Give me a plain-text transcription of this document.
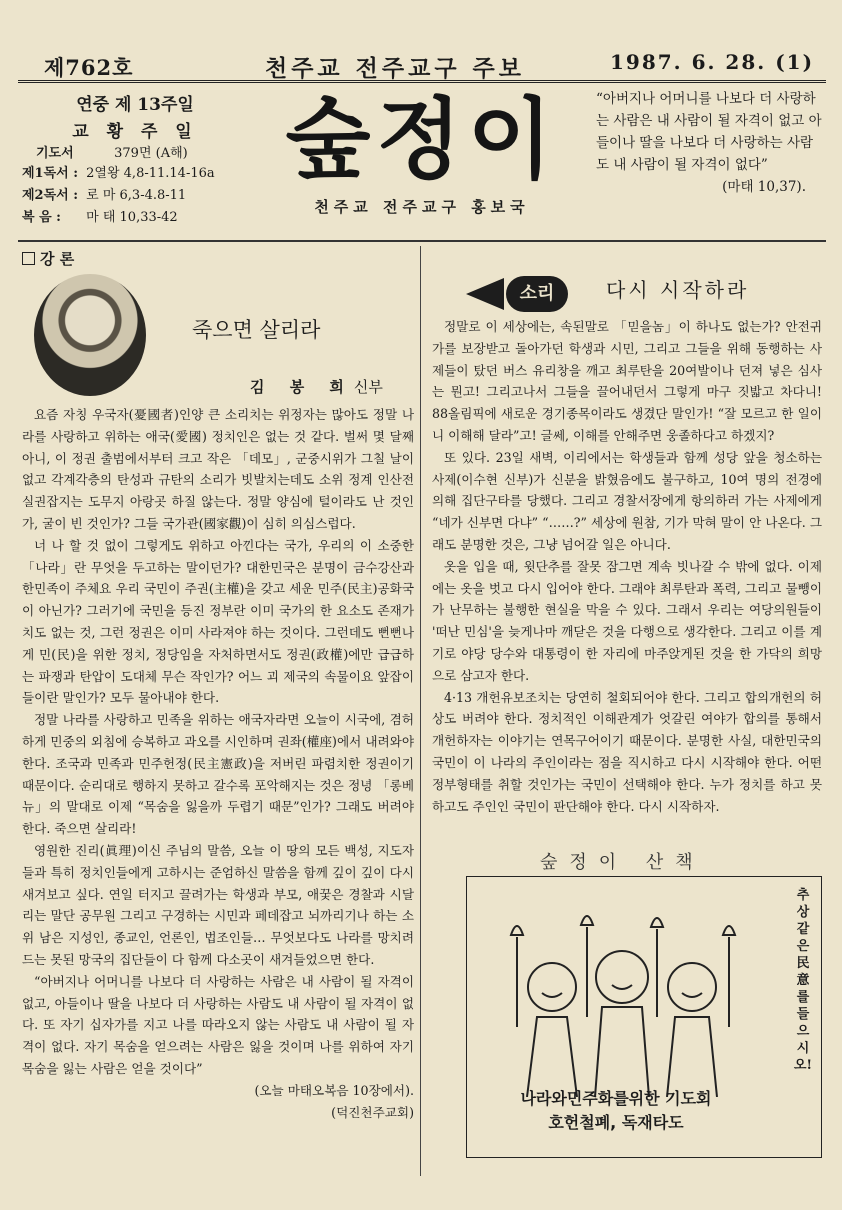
제762호	천주교 전주교구 주보	1987. 6. 28. (1)
연중 제 13주일
교 황 주 일
기도서	379면 (A해)
제1독서 : 2열왕 4,8-11.14-16a
제2독서 : 로 마 6,3-4.8-11
복 음 : 마 태 10,33-42
숲정이
천주교 전주교구 홍보국
“아버지나 어머니를 나보다 더 사랑하는 사람은 내 사람이 될 자격이 없고 아들이나 딸을 나보다 더 사랑하는 사람도 내 사람이 될 자격이 없다”
(마태 10,37).
강 론
죽으면 살리라
김 봉 희신부

요즘 자칭 우국자(憂國者)인양 큰 소리치는 위정자는 많아도 정말 나라를 사랑하고 위하는 애국(愛國) 정치인은 없는 것 같다. 벌써 몇 달째 아니, 이 정권 출범에서부터 크고 작은 「데모」, 군중시위가 그칠 날이 없고 각계각층의 탄성과 규탄의 소리가 빗발치는데도 소위 정계 인산전 실권잡지는 도무지 아랑곳 하질 않는다. 정말 양심에 털이라도 난 것인가, 굴이 빈 것인가? 그들 국가관(國家觀)이 심히 의심스럽다.

너 나 할 것 없이 그렇게도 위하고 아낀다는 국가, 우리의 이 소중한 「나라」란 무엇을 두고하는 말이던가? 대한민국은 분명이 금수강산과 한민족이 주체요 우리 국민이 주권(主權)을 갖고 세운 민주(民主)공화국이 아닌가? 그러기에 국민을 등진 정부란 이미 국가의 한 요소도 존재가치도 없는 것, 그런 정권은 이미 사라져야 하는 것이다. 그런데도 뻔뻔나게 민(民)을 위한 정치, 정당임을 자처하면서도 정권(政權)에만 급급하는 파쟁과 탄압이 도대체 무슨 작인가? 어느 괴 제국의 속물이요 앞잡이들이란 말인가? 모두 물아내야 한다.

정말 나라를 사랑하고 민족을 위하는 애국자라면 오늘이 시국에, 겸허하게 민중의 외침에 승복하고 과오를 시인하며 권좌(權座)에서 내려와야 한다. 조국과 민족과 민주헌정(民主憲政)을 저버린 파렴치한 정권이기 때문이다. 순리대로 행하지 못하고 갈수록 포악해지는 것은 정녕 「롱베뉴」의 말대로 이제 “목숨을 잃을까 두렵기 때문”인가? 그래도 버려야 한다. 죽으면 살리라!

영원한 진리(眞理)이신 주님의 말씀, 오늘 이 땅의 모든 백성, 지도자들과 특히 정치인들에게 고하시는 준엄하신 말씀을 함께 깊이 깊이 다시 새겨보고 싶다. 연일 터지고 끌려가는 학생과 부모, 애꿎은 경찰과 시달리는 말단 공무원 그리고 구경하는 시민과 페데잡고 뇌까리기나 하는 소위 남은 지성인, 종교인, 언론인, 법조인들… 무엇보다도 나라를 망치려드는 못된 망국의 집단들이 다 함께 다소곳이 새겨들었으면 한다.

“아버지나 어머니를 나보다 더 사랑하는 사람은 내 사람이 될 자격이 없고, 아들이나 딸을 나보다 더 사랑하는 사람도 내 사람이 될 자격이 없다. 또 자기 십자가를 지고 나를 따라오지 않는 사람도 내 사람이 될 자격이 없다. 자기 목숨을 얻으려는 사람은 잃을 것이며 나를 위하여 자기 목숨을 잃는 사람은 얻을 것이다”

(오늘 마태오복음 10장에서).

(덕진천주교회)

소리	다시 시작하라

정말로 이 세상에는, 속된말로 「믿을놈」이 하나도 없는가? 안전귀가를 보장받고 돌아가던 학생과 시민, 그리고 그들을 위해 동행하는 사제들이 탔던 버스 유리창을 깨고 최루탄을 20여발이나 던져 넣은 심사는 뭔고! 그리고나서 그들을 끌어내던서 그렇게 마구 짓밟고 차다니! 88올림픽에 새로운 경기종목이라도 생겼단 말인가! “잘 모르고 한 일이니 이해해 달라”고! 글쎄, 이해를 안해주면 웅졸하다고 하겠지?

또 있다. 23일 새벽, 이리에서는 학생들과 함께 성당 앞을 청소하는 사제(이수현 신부)가 신분을 밝혔음에도 불구하고, 10여 명의 전경에 의해 집단구타를 당했다. 그리고 경찰서장에게 항의하러 가는 사제에게 “네가 신부면 다냐” “……?” 세상에 원참, 기가 막혀 말이 안 나온다. 그래도 분명한 것은, 그냥 넘어갈 일은 아니다.

옷을 입을 때, 윗단추를 잘못 잠그면 계속 빗나갈 수 밖에 없다. 이제에는 옷을 벗고 다시 입어야 한다. 그래야 최루탄과 폭력, 그리고 물뺑이가 난무하는 불행한 현실을 막을 수 있다. 그래서 우리는 여당의원들이 '떠난 민심'을 늦게나마 깨닫은 것을 다행으로 생각한다. 그리고 이를 계기로 야당 당수와 대통령이 한 자리에 마주앉게된 것을 한 가닥의 희망으로 삼고자 한다.

4·13 개헌유보조치는 당연히 철회되어야 한다. 그리고 합의개헌의 허상도 버려야 한다. 정치적인 이해관계가 엇갈린 여야가 합의를 통해서 개헌하자는 이야기는 연목구어이기 때문이다. 분명한 사실, 대한민국의 국민이 이 나라의 주인이라는 점을 직시하고 다시 시작해야 한다. 어떤 정부형태를 취할 것인가는 국민이 선택해야 한다. 누가 정치를 하고 못하고도 주인인 국민이 판단해야 한다. 다시 시작하자.

숲정이 산책
나라와민주화를위한 기도회
호헌철폐, 독재타도
추상 같은 民意를 들으시오!
